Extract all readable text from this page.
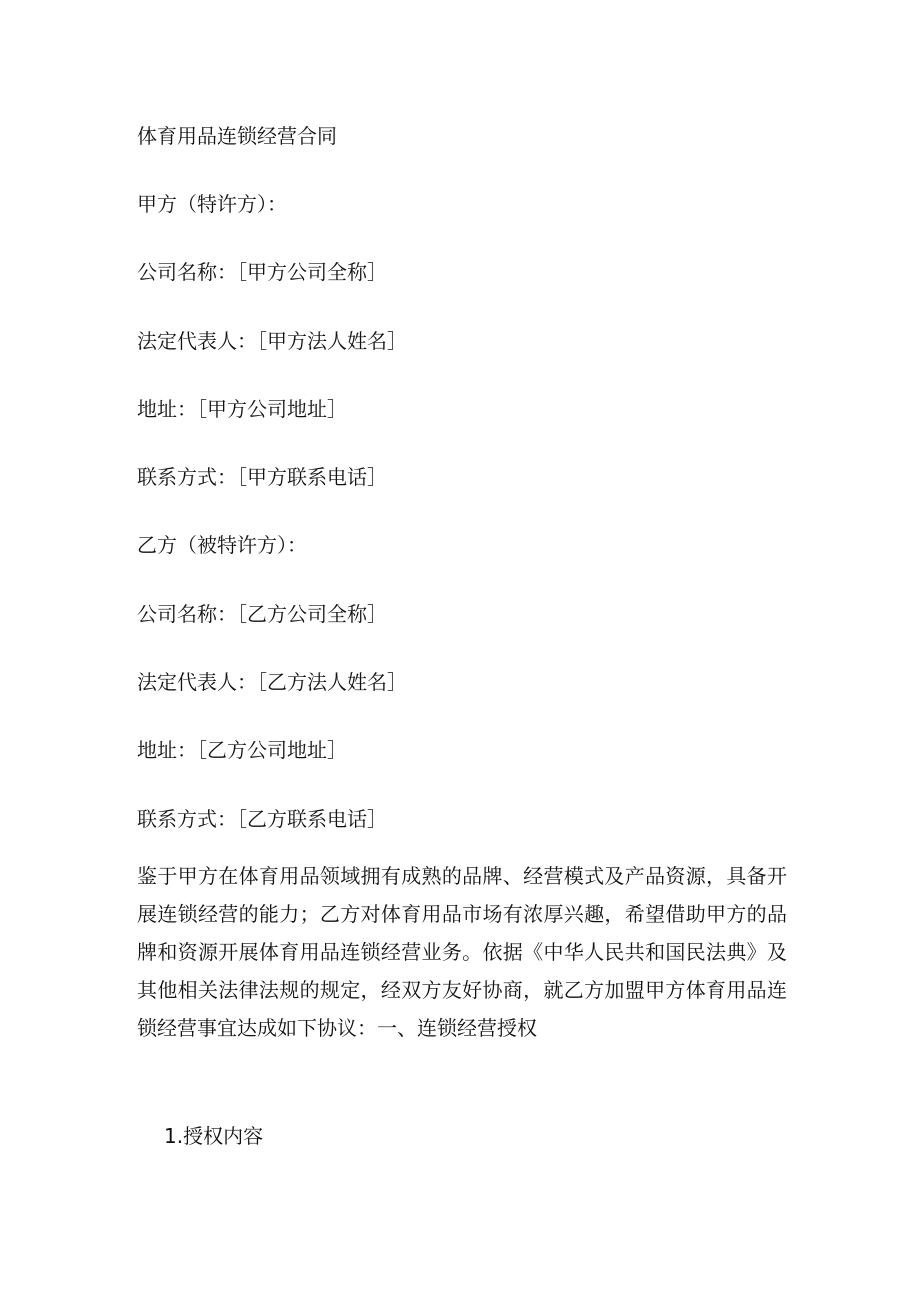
体育用品连锁经营合同
甲方（特许方）：
公司名称：［甲方公司全称］
法定代表人：［甲方法人姓名］
地址：［甲方公司地址］
联系方式：［甲方联系电话］
乙方（被特许方）：
公司名称：［乙方公司全称］
法定代表人：［乙方法人姓名］
地址：［乙方公司地址］
联系方式：［乙方联系电话］

鉴于甲方在体育用品领域拥有成熟的品牌、经营模式及产品资源，具备开展连锁经营的能力；乙方对体育用品市场有浓厚兴趣，希望借助甲方的品牌和资源开展体育用品连锁经营业务。依据《中华人民共和国民法典》及其他相关法律法规的规定，经双方友好协商，就乙方加盟甲方体育用品连锁经营事宜达成如下协议：一、连锁经营授权

1.授权内容
